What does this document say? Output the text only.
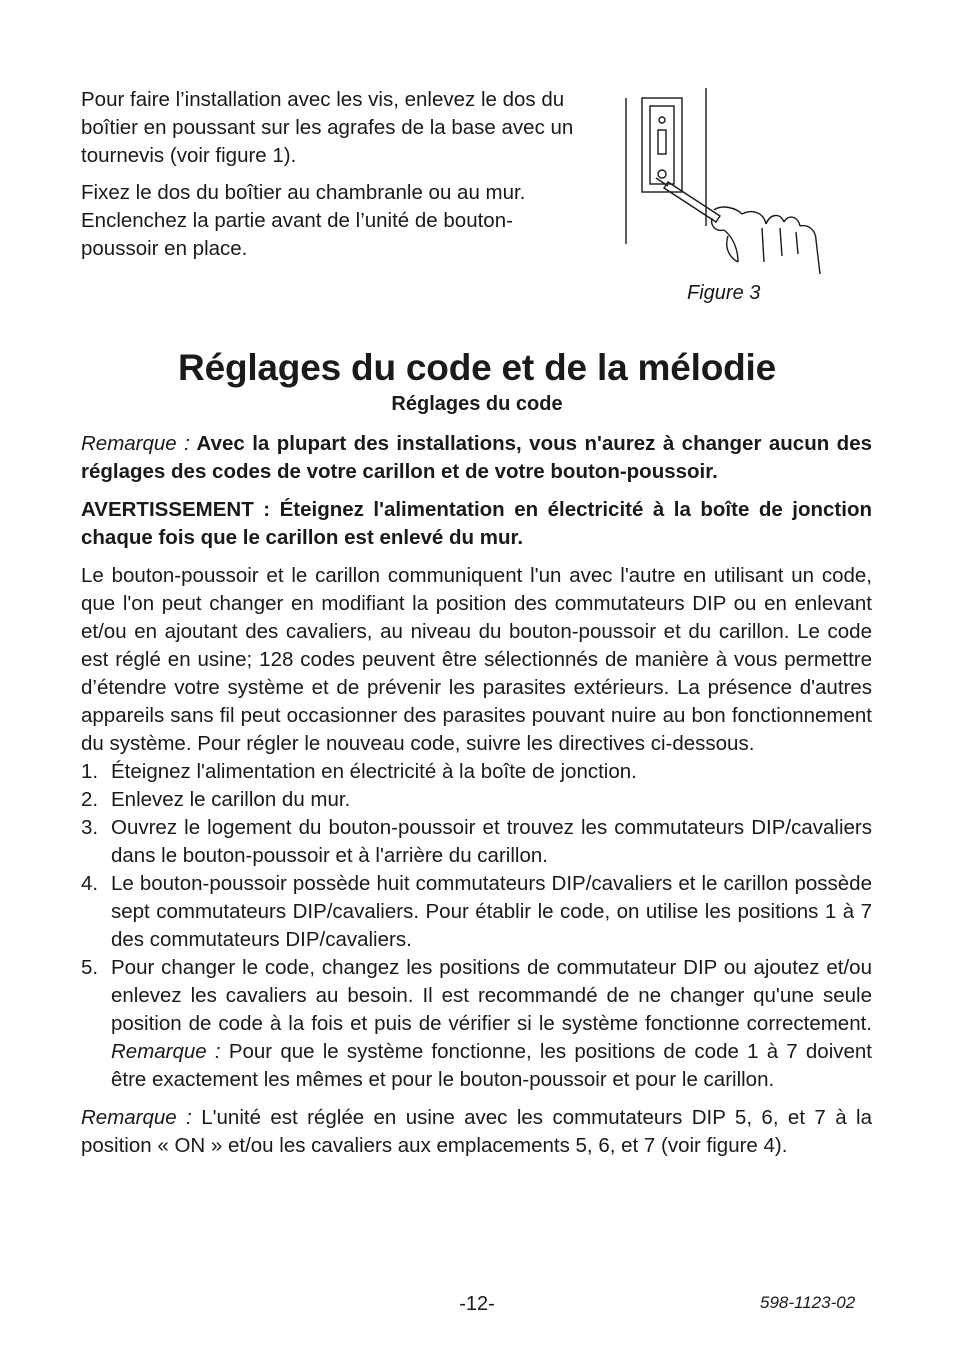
Pour faire l’installation avec les vis, enlevez le dos du boîtier en poussant sur les agrafes de la base avec un tournevis (voir figure 1).

Fixez le dos du boîtier au chambranle ou au mur. Enclenchez la partie avant de l’unité de bouton-poussoir en place.

Figure 3
Réglages du code et de la mélodie
Réglages du code

Remarque : Avec la plupart des installations, vous n'aurez à changer aucun des réglages des codes de votre carillon et de votre bouton-poussoir.

AVERTISSEMENT : Éteignez l'alimentation en électricité à la boîte de jonction chaque fois que le carillon est enlevé du mur.

Le bouton-poussoir et le carillon communiquent l'un avec l'autre en utilisant un code, que l'on peut changer en modifiant la position des commutateurs DIP ou en enlevant et/ou en ajoutant des cavaliers, au niveau du bouton-poussoir et du carillon. Le code est réglé en usine; 128 codes peuvent être sélectionnés de manière à vous permettre d’étendre votre système et de prévenir les parasites extérieurs. La présence d'autres appareils sans fil peut occasionner des parasites pouvant nuire au bon fonctionnement du système. Pour régler le nouveau code, suivre les directives ci-dessous.

1. Éteignez l'alimentation en électricité à la boîte de jonction.
2. Enlevez le carillon du mur.
3. Ouvrez le logement du bouton-poussoir et trouvez les commutateurs DIP/cavaliers dans le bouton-poussoir et à l'arrière du carillon.
4. Le bouton-poussoir possède huit commutateurs DIP/cavaliers et le carillon possède sept commutateurs DIP/cavaliers. Pour établir le code, on utilise les positions 1 à 7 des commutateurs DIP/cavaliers.
5. Pour changer le code, changez les positions de commutateur DIP ou ajoutez et/ou enlevez les cavaliers au besoin. Il est recommandé de ne changer qu'une seule position de code à la fois et puis de vérifier si le système fonctionne correctement. Remarque : Pour que le système fonctionne, les positions de code 1 à 7 doivent être exactement les mêmes et pour le bouton-poussoir et pour le carillon.

Remarque : L'unité est réglée en usine avec les commutateurs DIP 5, 6, et 7 à la position « ON » et/ou les cavaliers aux emplacements 5, 6, et 7 (voir figure 4).

-12-	598-1123-02
